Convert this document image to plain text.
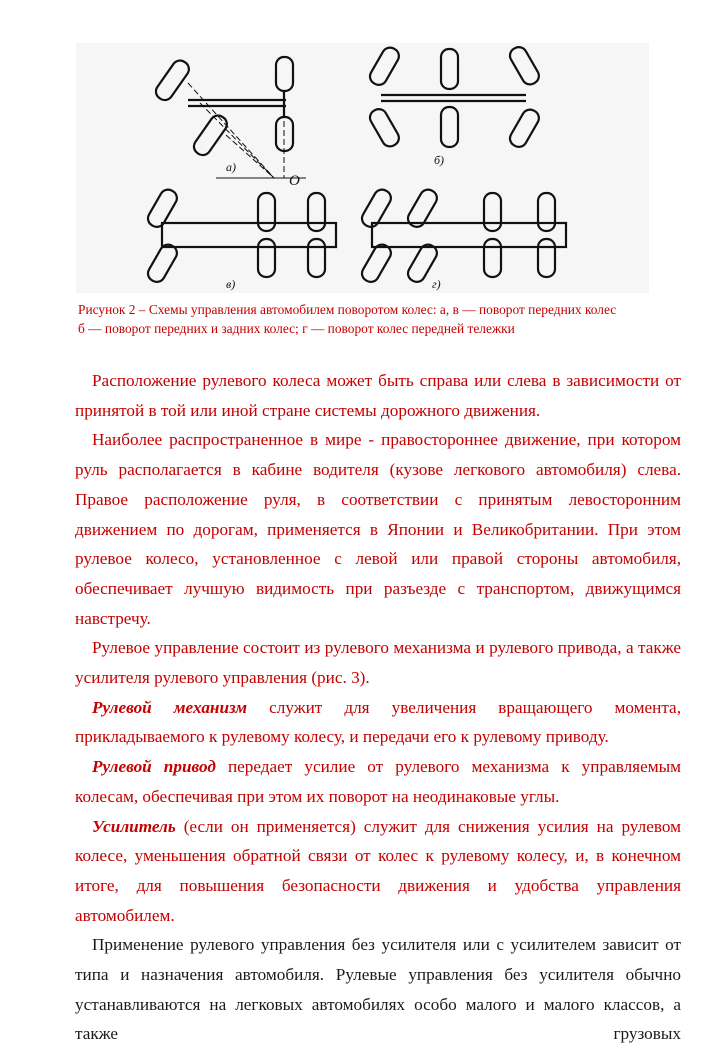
а)	б)
в)	г)
O

Рисунок 2 – Схемы управления автомобилем поворотом колес: а, в — поворот передних колес

б — поворот передних и задних колес; г — поворот колес передней тележки

Расположение рулевого колеса может быть справа или слева в зависимости от принятой в той или иной стране системы дорожного движения.

Наиболее распространенное в мире - правостороннее движение, при котором руль располагается в кабине водителя (кузове легкового автомобиля) слева. Правое расположение руля, в соответствии с принятым левосторонним движением по дорогам, применяется в Японии и Великобритании. При этом рулевое колесо, установленное с левой или правой стороны автомобиля, обеспечивает лучшую видимость при разъезде с транспортом, движущимся навстречу.

Рулевое управление состоит из рулевого механизма и рулевого привода, а также усилителя рулевого управления (рис. 3).

Рулевой механизм служит для увеличения вращающего момента, прикладываемого к рулевому колесу, и передачи его к рулевому приводу.

Рулевой привод передает усилие от рулевого механизма к управляемым колесам, обеспечивая при этом их поворот на неодинаковые углы.

Усилитель (если он применяется) служит для снижения усилия на рулевом колесе, уменьшения обратной связи от колес к рулевому колесу, и, в конечном итоге, для повышения безопасности движения и удобства управления автомобилем.

Применение рулевого управления без усилителя или с усилителем зависит от типа и назначения автомобиля. Рулевые управления без усилителя обычно устанавливаются на легковых автомобилях особо малого и малого классов, а также грузовых
